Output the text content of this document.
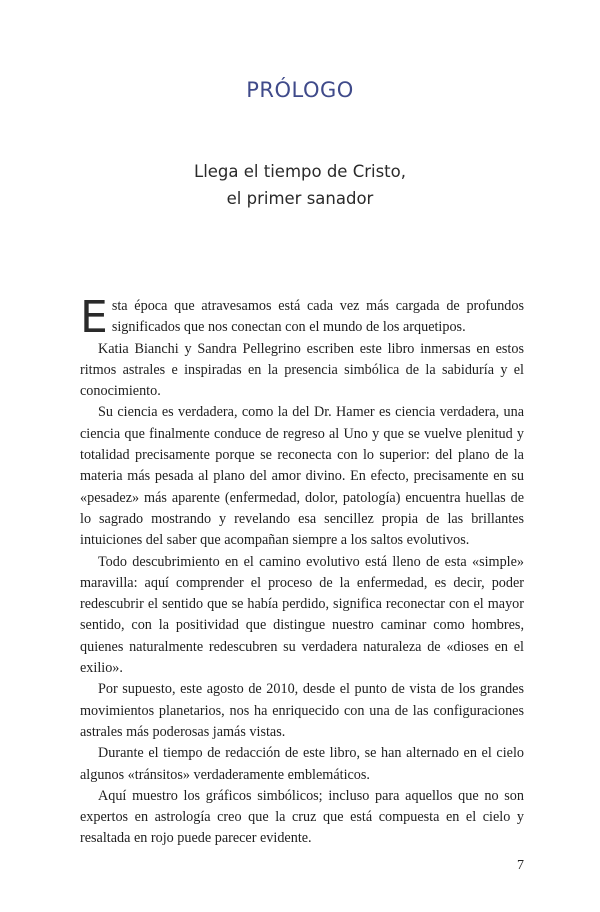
PRÓLOGO
Llega el tiempo de Cristo,
el primer sanador

Esta época que atravesamos está cada vez más cargada de profundos significados que nos conectan con el mundo de los arquetipos.

Katia Bianchi y Sandra Pellegrino escriben este libro inmersas en estos ritmos astrales e inspiradas en la presencia simbólica de la sabiduría y el conocimiento.

Su ciencia es verdadera, como la del Dr. Hamer es ciencia verdadera, una ciencia que finalmente conduce de regreso al Uno y que se vuelve plenitud y totalidad precisamente porque se reconecta con lo superior: del plano de la materia más pesada al plano del amor divino. En efecto, precisamente en su «pesadez» más aparente (enfermedad, dolor, patología) encuentra huellas de lo sagrado mostrando y revelando esa sencillez propia de las brillantes intuiciones del saber que acompañan siempre a los saltos evolutivos.

Todo descubrimiento en el camino evolutivo está lleno de esta «simple» maravilla: aquí comprender el proceso de la enfermedad, es decir, poder redescubrir el sentido que se había perdido, significa reconectar con el mayor sentido, con la positividad que distingue nuestro caminar como hombres, quienes naturalmente redescubren su verdadera naturaleza de «dioses en el exilio».

Por supuesto, este agosto de 2010, desde el punto de vista de los grandes movimientos planetarios, nos ha enriquecido con una de las configuraciones astrales más poderosas jamás vistas.

Durante el tiempo de redacción de este libro, se han alternado en el cielo algunos «tránsitos» verdaderamente emblemáticos.

Aquí muestro los gráficos simbólicos; incluso para aquellos que no son expertos en astrología creo que la cruz que está compuesta en el cielo y resaltada en rojo puede parecer evidente.

7
